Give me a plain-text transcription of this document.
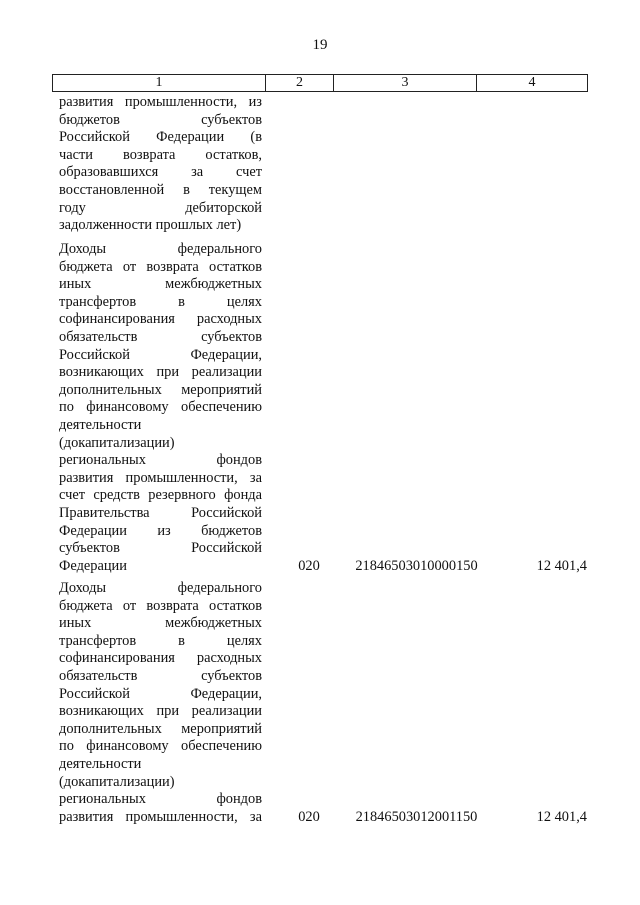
19
1	2	3	4
развития промышленности, из
бюджетов субъектов
Российской Федерации (в
части возврата остатков,
образовавшихся за счет
восстановленной в текущем
году дебиторской
задолженности прошлых лет)
Доходы федерального
бюджета от возврата остатков
иных межбюджетных
трансфертов в целях
софинансирования расходных
обязательств субъектов
Российской Федерации,
возникающих при реализации
дополнительных мероприятий
по финансовому обеспечению
деятельности
(докапитализации)
региональных фондов
развития промышленности, за
счет средств резервного фонда
Правительства Российской
Федерации из бюджетов
субъектов Российской
Федерации	020	21846503010000150	12 401,4
Доходы федерального
бюджета от возврата остатков
иных межбюджетных
трансфертов в целях
софинансирования расходных
обязательств субъектов
Российской Федерации,
возникающих при реализации
дополнительных мероприятий
по финансовому обеспечению
деятельности
(докапитализации)
региональных фондов
развития промышленности, за	020	21846503012001150	12 401,4
